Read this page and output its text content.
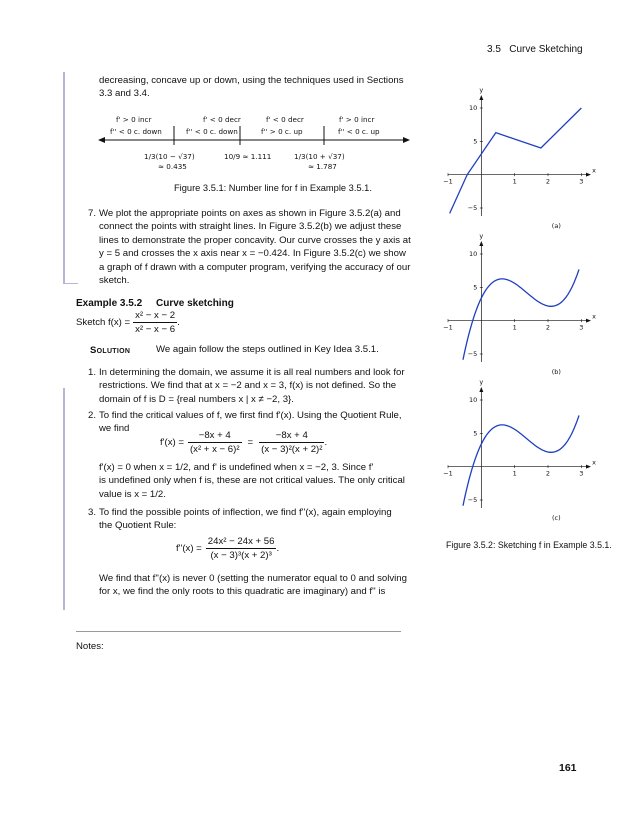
3.5 Curve Sketching
decreasing, concave up or down, using the techniques used in Sections
3.3 and 3.4.
f' > 0 incr	f' < 0 decr	f' < 0 decr	f' > 0 incr
f'' < 0 c. down	f'' < 0 c. down	f'' > 0 c. up	f'' < 0 c. up
1/3(10 − √37)
≈ 0.435
10/9 ≈ 1.111	1/3(10 + √37)
≈ 1.787
Figure 3.5.1: Number line for f in Example 3.5.1.
7. We plot the appropriate points on axes as shown in Figure 3.5.2(a) and
connect the points with straight lines. In Figure 3.5.2(b) we adjust these
lines to demonstrate the proper concavity. Our curve crosses the y axis at
y = 5 and crosses the x axis near x = −0.424. In Figure 3.5.2(c) we show
a graph of f drawn with a computer program, verifying the accuracy of our
sketch.
Example 3.5.2 Curve sketching
Sketch $f(x) = \frac{\text{x² − x − 2}}{\text{x² − x − 6}}$ .
Solution	We again follow the steps outlined in Key Idea 3.5.1.
1. In determining the domain, we assume it is all real numbers and look for
restrictions. We find that at x = −2 and x = 3, f(x) is not defined. So the
domain of f is D = {real numbers x | x ≠ −2, 3}.
2. To find the critical values of f, we first find f'(x). Using the Quotient Rule,
we find
$f'(x) = \frac{-8x + 4}{\text{(x² + x − 6)²}} = \frac{-8x + 4}{\text{(x − 3)²(x + 2)²}}$ .
f'(x) = 0 when x = 1/2, and f' is undefined when x = −2, 3. Since f'
is undefined only when f is, these are not critical values. The only critical
value is x = 1/2.
3. To find the possible points of inflection, we find f''(x), again employing
the Quotient Rule:
$f''(x) = \frac{\text{24x² − 24x + 56}}{\text{(x − 3)³(x + 2)³}}$ .
We find that f''(x) is never 0 (setting the numerator equal to 0 and solving
for x, we find the only roots to this quadratic are imaginary) and f'' is
Notes:
x
y
−1	1	2	3
10
5
−5
(a)
x
y
−1	1	2	3
10
5
−5
(b)
x
y
−1	1	2	3
10
5
−5
(c)
Figure 3.5.2: Sketching f in Example 3.5.1.
161
